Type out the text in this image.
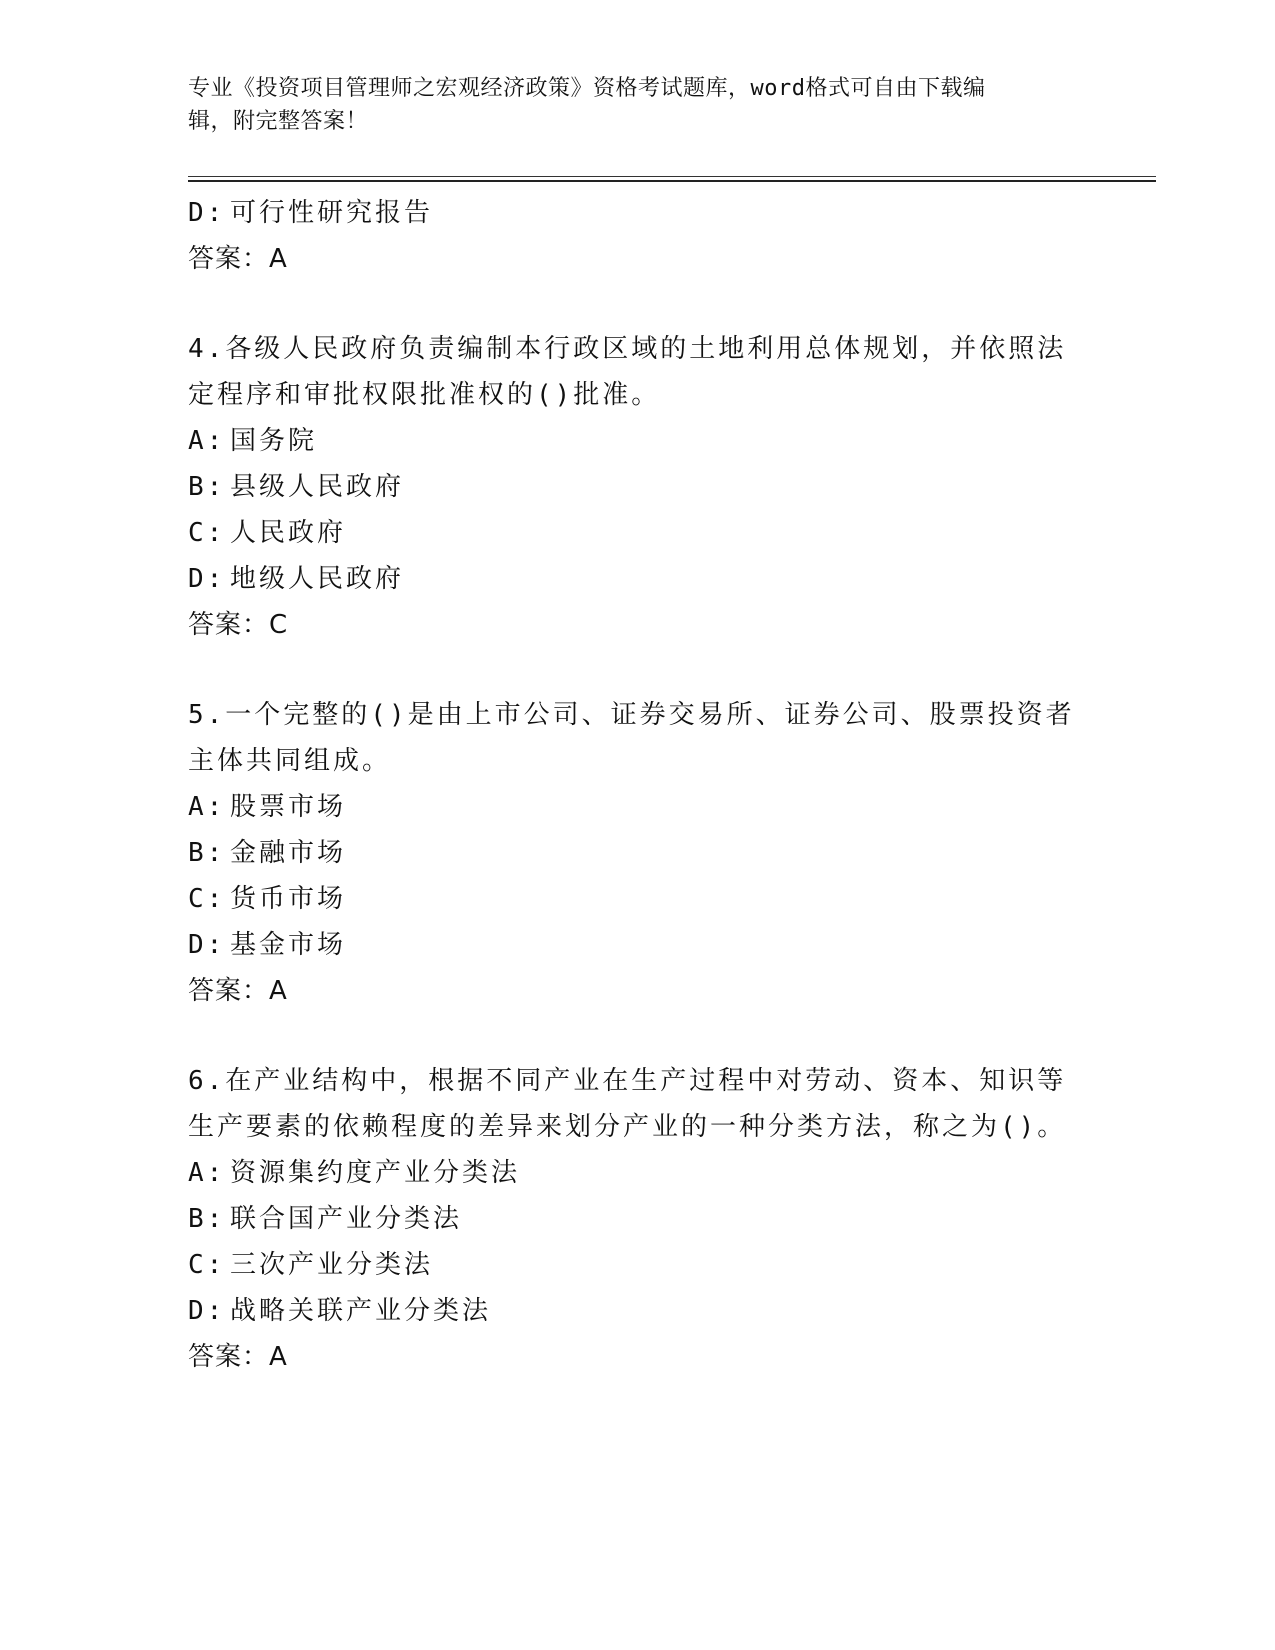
专业《投资项目管理师之宏观经济政策》资格考试题库，word格式可自由下载编
辑，附完整答案！
D: 可行性研究报告
答案：A
4.各级人民政府负责编制本行政区域的土地利用总体规划，并依照法
定程序和审批权限批准权的()批准。
A: 国务院
B: 县级人民政府
C: 人民政府
D: 地级人民政府
答案：C
5.一个完整的()是由上市公司、证券交易所、证券公司、股票投资者
主体共同组成。
A: 股票市场
B: 金融市场
C: 货币市场
D: 基金市场
答案：A
6.在产业结构中，根据不同产业在生产过程中对劳动、资本、知识等
生产要素的依赖程度的差异来划分产业的一种分类方法，称之为()。
A: 资源集约度产业分类法
B: 联合国产业分类法
C: 三次产业分类法
D: 战略关联产业分类法
答案：A
